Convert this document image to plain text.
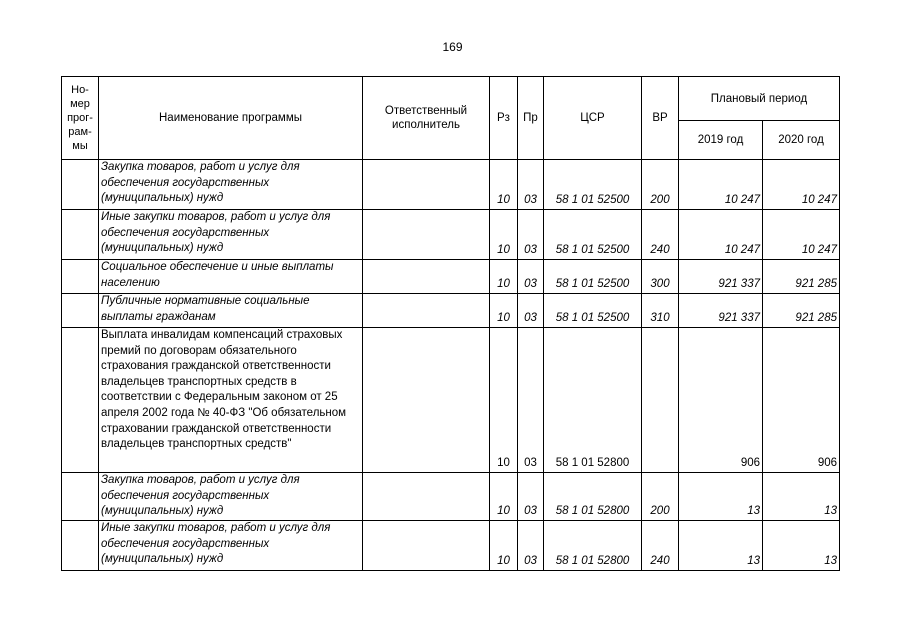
169
Но-мер прог-рам-мы	Наименование программы	Ответственный исполнитель	Рз	Пр	ЦСР	ВР	Плановый период	
							2019 год	2020 год
	Закупка товаров, работ и услуг для обеспечения государственных (муниципальных) нужд		10	03	58 1 01 52500	200	10 247	10 247
	Иные закупки товаров, работ и услуг для обеспечения государственных (муниципальных) нужд		10	03	58 1 01 52500	240	10 247	10 247
	Социальное обеспечение и иные выплаты населению		10	03	58 1 01 52500	300	921 337	921 285
	Публичные нормативные социальные выплаты гражданам		10	03	58 1 01 52500	310	921 337	921 285
	Выплата инвалидам компенсаций страховых премий по договорам обязательного страхования гражданской ответственности владельцев транспортных средств в соответствии с Федеральным законом от 25 апреля 2002 года № 40-ФЗ "Об обязательном страховании гражданской ответственности владельцев транспортных средств"		10	03	58 1 01 52800		906	906
	Закупка товаров, работ и услуг для обеспечения государственных (муниципальных) нужд		10	03	58 1 01 52800	200	13	13
	Иные закупки товаров, работ и услуг для обеспечения государственных (муниципальных) нужд		10	03	58 1 01 52800	240	13	13
